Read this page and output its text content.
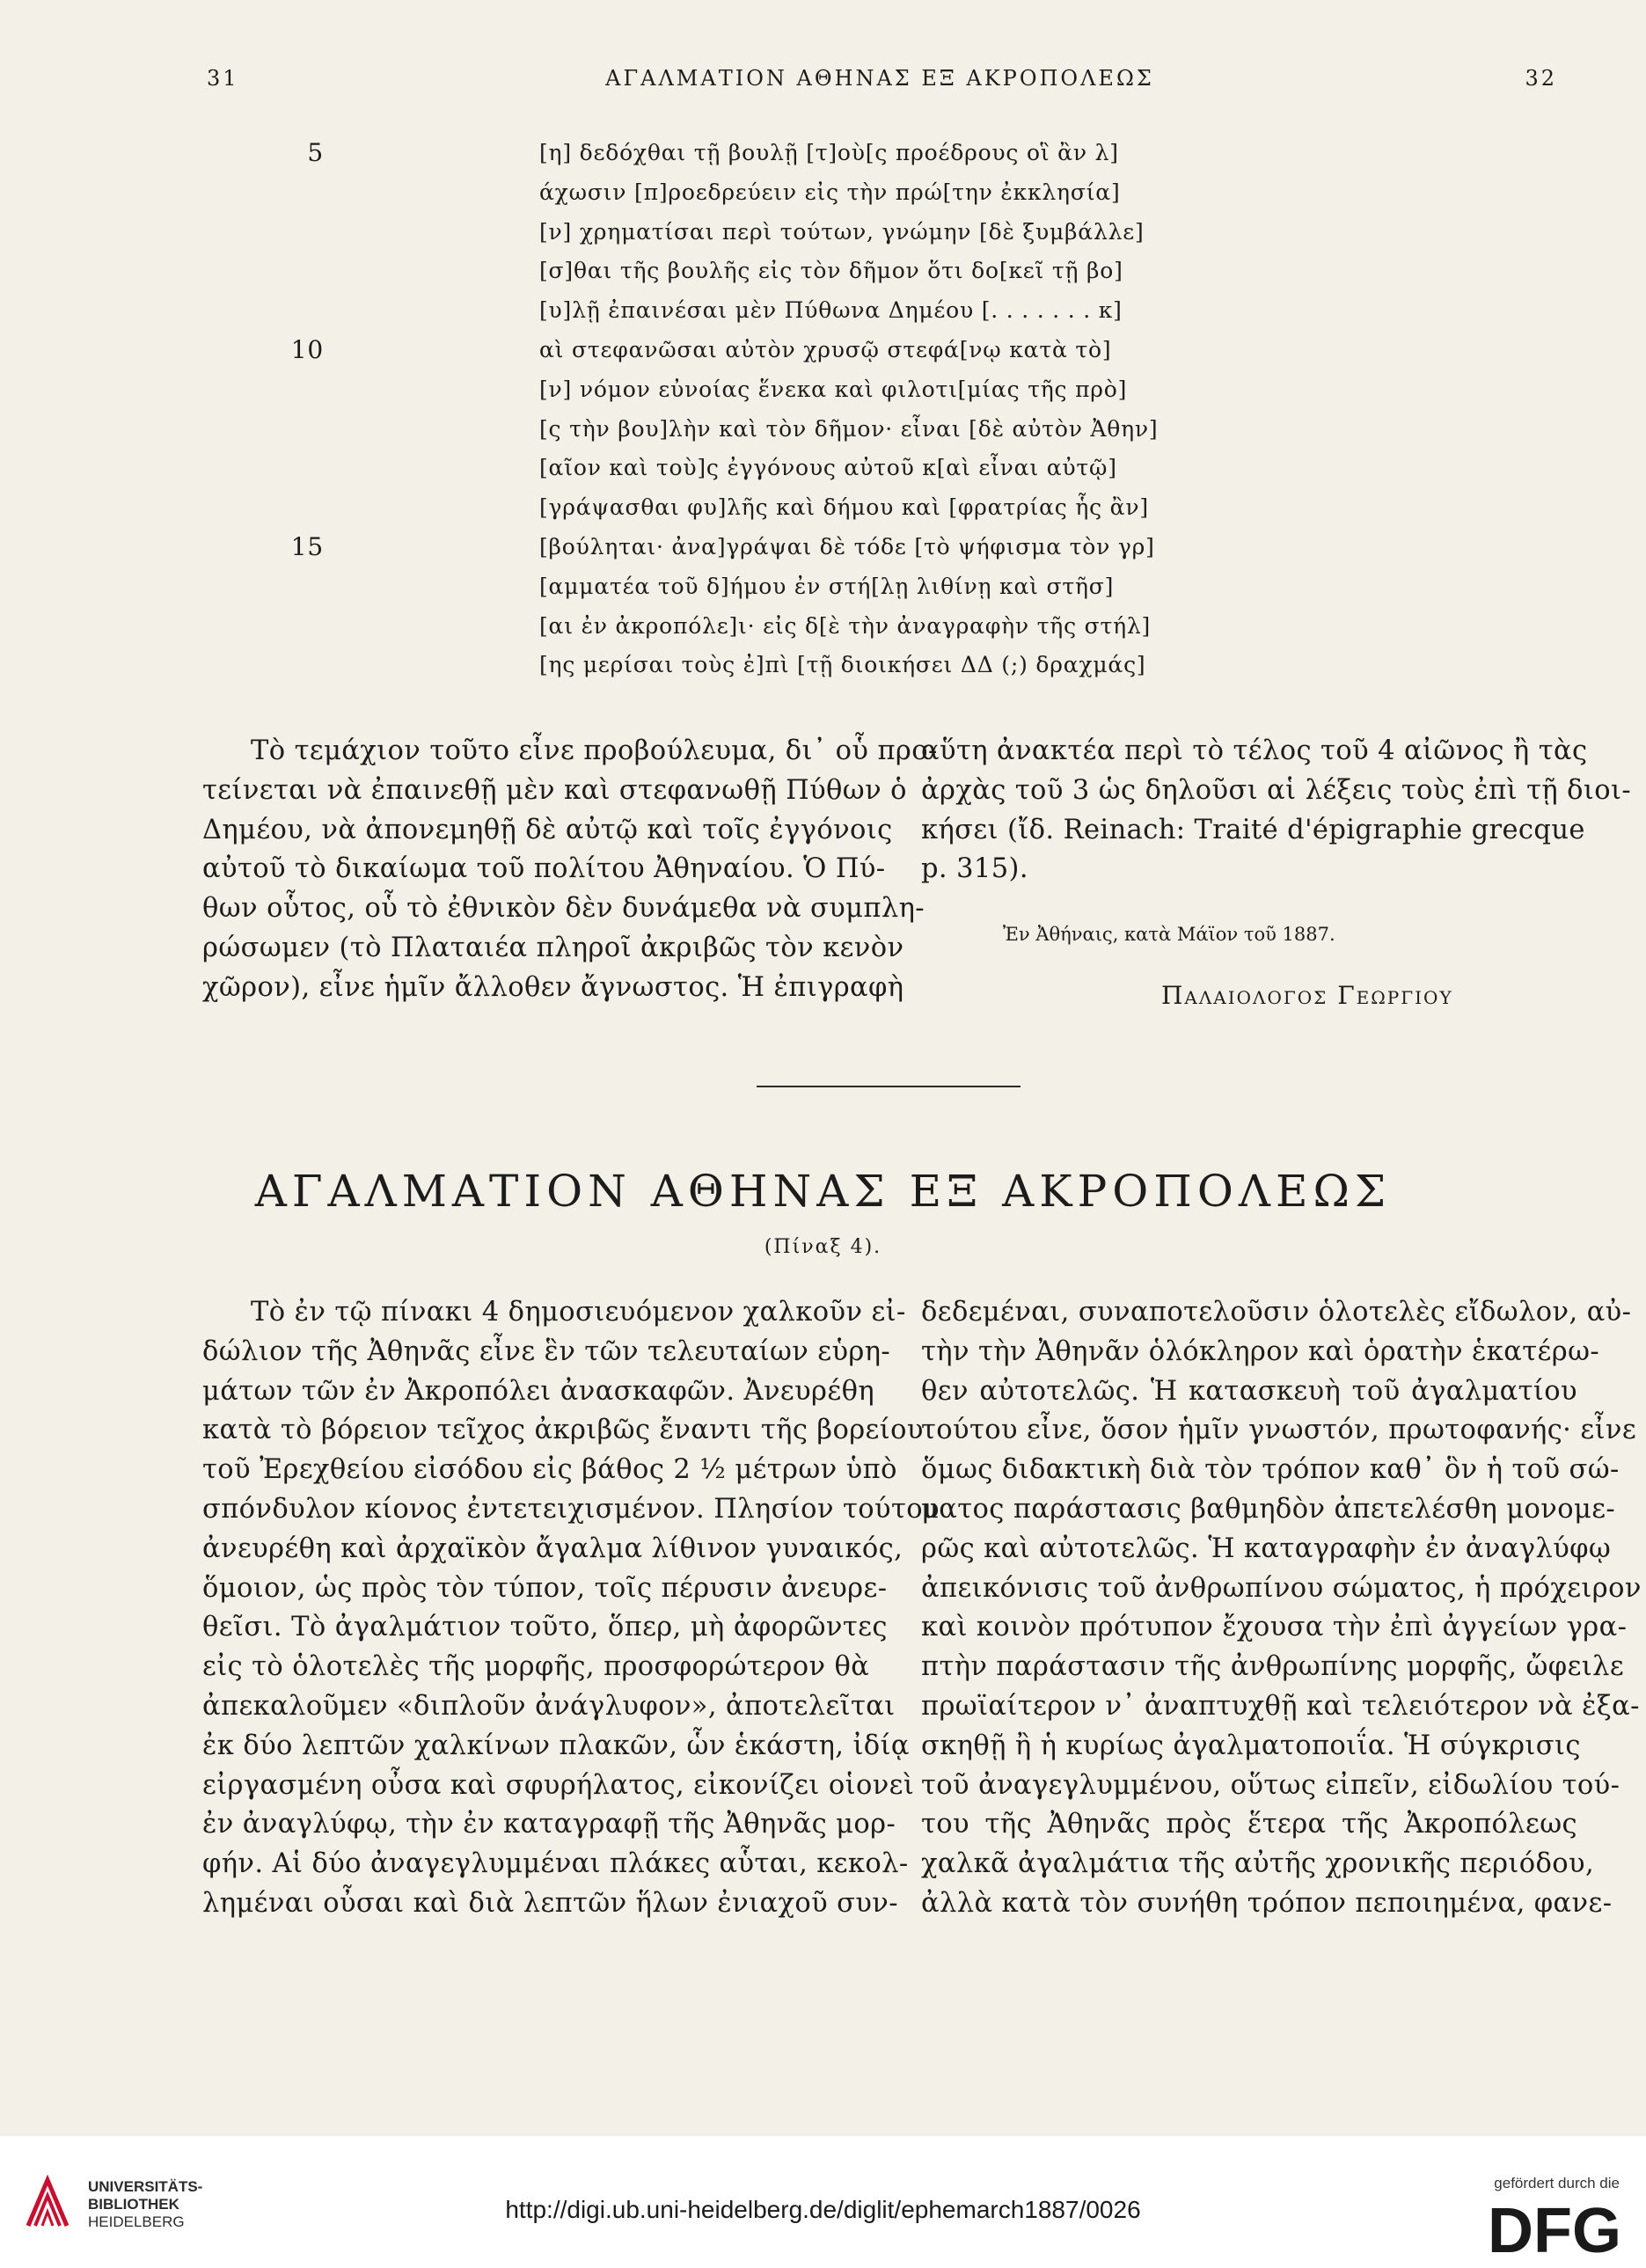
31	ΑΓΑΛΜΑΤΙΟΝ ΑΘΗΝΑΣ ΕΞ ΑΚΡΟΠΟΛΕΩΣ	32
5	[η] δεδόχθαι τῇ βουλῇ [τ]οὺ[ς προέδρους οἳ ἂν λ]
άχωσιν [π]ροεδρεύειν εἰς τὴν πρώ[την ἐκκλησία]
[ν] χρηματίσαι περὶ τούτων, γνώμην [δὲ ξυμβάλλε]
[σ]θαι τῆς βουλῆς εἰς τὸν δῆμον ὅτι δο[κεῖ τῇ βο]
[υ]λῇ ἐπαινέσαι μὲν Πύθωνα Δημέου [. . . . . . . κ]
10	αὶ στεφανῶσαι αὐτὸν χρυσῷ στεφά[νῳ κατὰ τὸ]
[ν] νόμον εὐνοίας ἕνεκα καὶ φιλοτι[μίας τῆς πρὸ]
[ς τὴν βου]λὴν καὶ τὸν δῆμον· εἶναι [δὲ αὐτὸν Ἀθην]
[αῖον καὶ τοὺ]ς ἐγγόνους αὐτοῦ κ[αὶ εἶναι αὐτῷ]
[γράψασθαι φυ]λῆς καὶ δήμου καὶ [φρατρίας ἧς ἂν]
15	[βούληται· ἀνα]γράψαι δὲ τόδε [τὸ ψήφισμα τὸν γρ]
[αμματέα τοῦ δ]ήμου ἐν στή[λῃ λιθίνῃ καὶ στῆσ]
[αι ἐν ἀκροπόλε]ι· εἰς δ[ὲ τὴν ἀναγραφὴν τῆς στήλ]
[ης μερίσαι τοὺς ἐ]πὶ [τῇ διοικήσει ΔΔ (;) δραχμάς]
Τὸ τεμάχιον τοῦτο εἶνε προβούλευμα, δι᾽ οὗ προ-
τείνεται νὰ ἐπαινεθῇ μὲν καὶ στεφανωθῇ Πύθων ὁ
Δημέου, νὰ ἀπονεμηθῇ δὲ αὐτῷ καὶ τοῖς ἐγγόνοις
αὐτοῦ τὸ δικαίωμα τοῦ πολίτου Ἀθηναίου. Ὁ Πύ-
θων οὗτος, οὗ τὸ ἐθνικὸν δὲν δυνάμεθα νὰ συμπλη-
ρώσωμεν (τὸ Πλαταιέα πληροῖ ἀκριβῶς τὸν κενὸν
χῶρον), εἶνε ἡμῖν ἄλλοθεν ἄγνωστος. Ἡ ἐπιγραφὴ
αὕτη ἀνακτέα περὶ τὸ τέλος τοῦ 4 αἰῶνος ἢ τὰς
ἀρχὰς τοῦ 3 ὡς δηλοῦσι αἱ λέξεις τοὺς ἐπὶ τῇ διοι-
κήσει (ἴδ. Reinach: Traité d'épigraphie grecque
p. 315).
Ἐν Ἀθήναις, κατὰ Μάϊον τοῦ 1887.
Παλαιολογος Γεωργιου
ΑΓΑΛΜΑΤΙΟΝ ΑΘΗΝΑΣ ΕΞ ΑΚΡΟΠΟΛΕΩΣ
(Πίναξ 4).
Τὸ ἐν τῷ πίνακι 4 δημοσιευόμενον χαλκοῦν εἰ-
δώλιον τῆς Ἀθηνᾶς εἶνε ἓν τῶν τελευταίων εὑρη-
μάτων τῶν ἐν Ἀκροπόλει ἀνασκαφῶν. Ἀνευρέθη
κατὰ τὸ βόρειον τεῖχος ἀκριβῶς ἔναντι τῆς βορείου
τοῦ Ἐρεχθείου εἰσόδου εἰς βάθος 2 ½ μέτρων ὑπὸ
σπόνδυλον κίονος ἐντετειχισμένον. Πλησίον τούτου
ἀνευρέθη καὶ ἀρχαϊκὸν ἄγαλμα λίθινον γυναικός,
ὅμοιον, ὡς πρὸς τὸν τύπον, τοῖς πέρυσιν ἀνευρε-
θεῖσι. Τὸ ἀγαλμάτιον τοῦτο, ὅπερ, μὴ ἀφορῶντες
εἰς τὸ ὁλοτελὲς τῆς μορφῆς, προσφορώτερον θὰ
ἀπεκαλοῦμεν «διπλοῦν ἀνάγλυφον», ἀποτελεῖται
ἐκ δύο λεπτῶν χαλκίνων πλακῶν, ὧν ἑκάστη, ἰδίᾳ
εἰργασμένη οὖσα καὶ σφυρήλατος, εἰκονίζει οἱονεὶ
ἐν ἀναγλύφῳ, τὴν ἐν καταγραφῇ τῆς Ἀθηνᾶς μορ-
φήν. Αἱ δύο ἀναγεγλυμμέναι πλάκες αὗται, κεκολ-
λημέναι οὖσαι καὶ διὰ λεπτῶν ἥλων ἐνιαχοῦ συν-
δεδεμέναι, συναποτελοῦσιν ὁλοτελὲς εἴδωλον, αὐ-
τὴν τὴν Ἀθηνᾶν ὁλόκληρον καὶ ὁρατὴν ἑκατέρω-
θεν αὐτοτελῶς. Ἡ κατασκευὴ τοῦ ἀγαλματίου
τούτου εἶνε, ὅσον ἡμῖν γνωστόν, πρωτοφανής· εἶνε
ὅμως διδακτικὴ διὰ τὸν τρόπον καθ᾽ ὃν ἡ τοῦ σώ-
ματος παράστασις βαθμηδὸν ἀπετελέσθη μονομε-
ρῶς καὶ αὐτοτελῶς. Ἡ καταγραφὴν ἐν ἀναγλύφῳ
ἀπεικόνισις τοῦ ἀνθρωπίνου σώματος, ἡ πρόχειρον
καὶ κοινὸν πρότυπον ἔχουσα τὴν ἐπὶ ἀγγείων γρα-
πτὴν παράστασιν τῆς ἀνθρωπίνης μορφῆς, ὤφειλε
πρωϊαίτερον ν᾽ ἀναπτυχθῇ καὶ τελειότερον νὰ ἐξα-
σκηθῇ ἢ ἡ κυρίως ἀγαλματοποιΐα. Ἡ σύγκρισις
τοῦ ἀναγεγλυμμένου, οὕτως εἰπεῖν, εἰδωλίου τού-
του τῆς Ἀθηνᾶς πρὸς ἕτερα τῆς Ἀκροπόλεως
χαλκᾶ ἀγαλμάτια τῆς αὐτῆς χρονικῆς περιόδου,
ἀλλὰ κατὰ τὸν συνήθη τρόπον πεποιημένα, φανε-
UNIVERSITÄTS-
BIBLIOTHEK
HEIDELBERG	http://digi.ub.uni-heidelberg.de/diglit/ephemarch1887/0026
gefördert durch die
DFG
